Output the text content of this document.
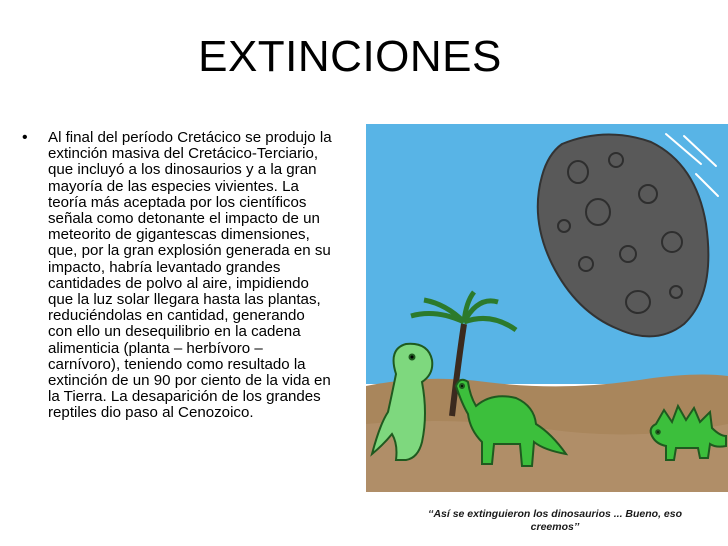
EXTINCIONES
• Al final del período Cretácico se produjo la extinción masiva del Cretácico-Terciario, que incluyó a los dinosaurios y a la gran mayoría de las especies vivientes. La teoría más aceptada por los científicos señala como detonante el impacto de un meteorito de gigantescas dimensiones, que, por la gran explosión generada en su impacto, habría levantado grandes cantidades de polvo al aire, impidiendo que la luz solar llegara hasta las plantas, reduciéndolas en cantidad, generando con ello un desequilibrio en la cadena alimenticia (planta – herbívoro – carnívoro), teniendo como resultado la extinción de un 90 por ciento de la vida en la Tierra. La desaparición de los grandes reptiles dio paso al Cenozoico.
‘‘Así se extinguieron los dinosaurios ... Bueno, eso creemos’’
